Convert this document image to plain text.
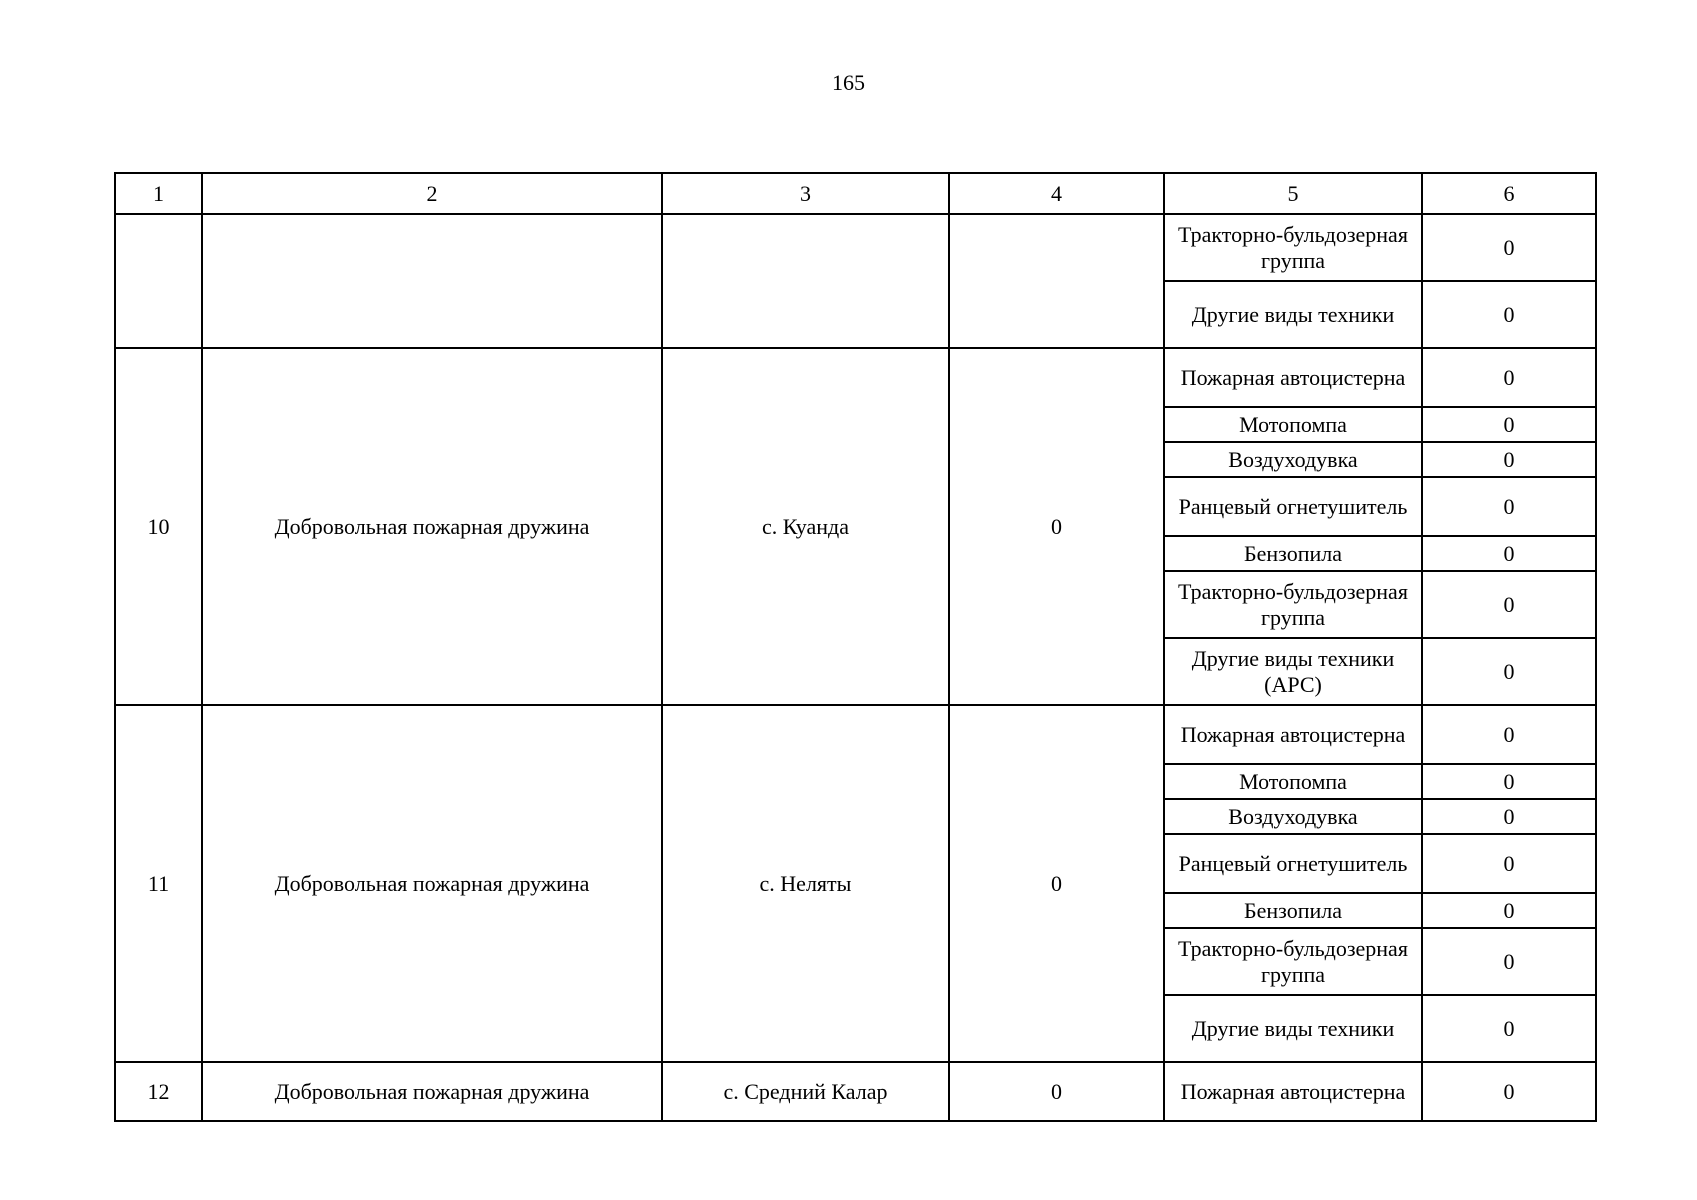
165
1	2	3	4	5	6
				Тракторно-бульдозерная группа	0
				Другие виды техники	0
10	Добровольная пожарная дружина	с. Куанда	0	Пожарная автоцистерна	0
				Мотопомпа	0
				Воздуходувка	0
				Ранцевый огнетушитель	0
				Бензопила	0
				Тракторно-бульдозерная группа	0
				Другие виды техники (АРС)	0
11	Добровольная пожарная дружина	с. Неляты	0	Пожарная автоцистерна	0
				Мотопомпа	0
				Воздуходувка	0
				Ранцевый огнетушитель	0
				Бензопила	0
				Тракторно-бульдозерная группа	0
				Другие виды техники	0
12	Добровольная пожарная дружина	с. Средний Калар	0	Пожарная автоцистерна	0
